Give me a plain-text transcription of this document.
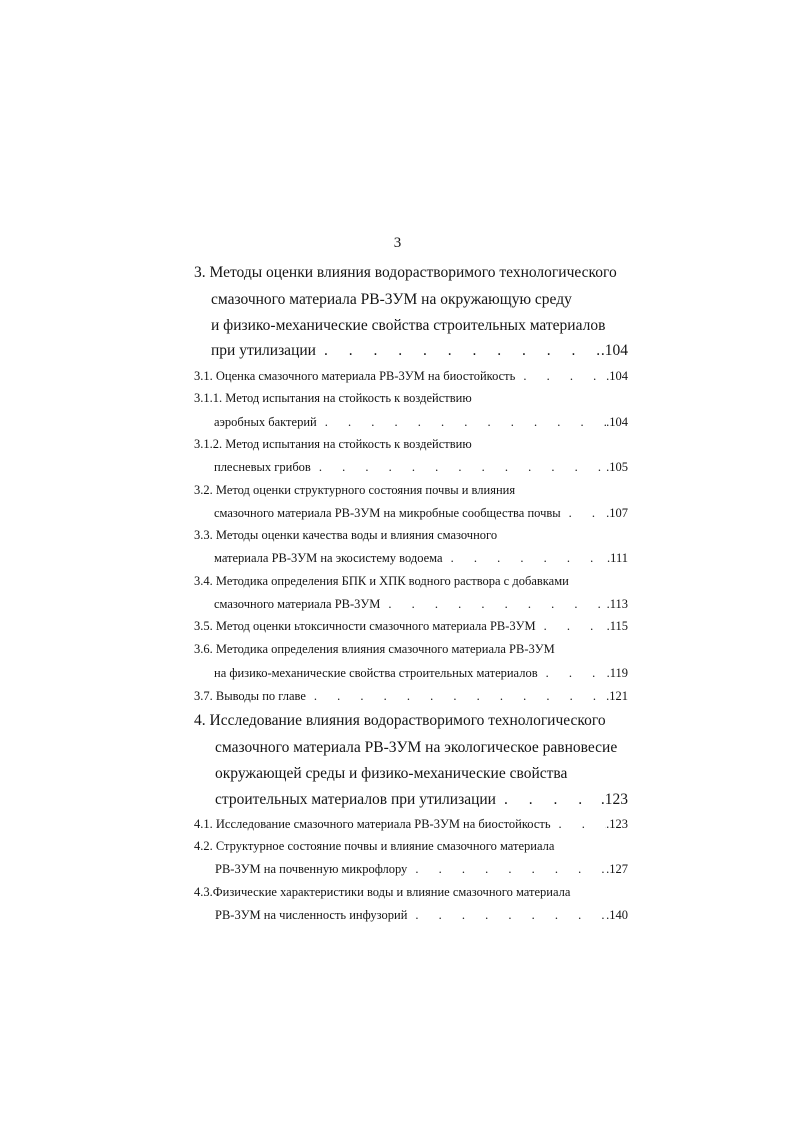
3
3. Методы оценки влияния водорастворимого технологического
смазочного материала РВ-3УМ на окружающую среду
и физико-механические свойства строительных материалов
при утилизации . . .	.104
3.1. Оценка смазочного материала РВ-3УМ на биостойкость . . .	.104
3.1.1. Метод испытания на стойкость к воздействию
аэробных бактерий . . .	.104
3.1.2. Метод испытания на стойкость к воздействию
плесневых грибов . . .	.105
3.2. Метод оценки структурного состояния почвы и влияния
смазочного материала РВ-3УМ на микробные сообщества почвы . . .	.107
3.3. Методы оценки качества воды и влияния смазочного
материала РВ-3УМ на экосистему водоема . . .	.111
3.4. Методика определения БПК и ХПК водного раствора с добавками
смазочного материала РВ-3УМ . . .	.113
3.5. Метод оценки ьтоксичности смазочного материала РВ-3УМ . . .	.115
3.6. Методика определения влияния смазочного материала РВ-3УМ
на физико-механические свойства строительных материалов . . .	.119
3.7. Выводы по главе . . .	.121
4. Исследование влияния водорастворимого технологического
смазочного материала РВ-3УМ на экологическое равновесие
окружающей среды и физико-механические свойства
строительных материалов при утилизации . . .	.123
4.1. Исследование смазочного материала РВ-3УМ на биостойкость . . .	.123
4.2. Структурное состояние почвы и влияние смазочного материала
РВ-3УМ на почвенную микрофлору . . .	.127
4.3.Физические характеристики воды и влияние смазочного материала
РВ-3УМ на численность инфузорий . . .	.140
